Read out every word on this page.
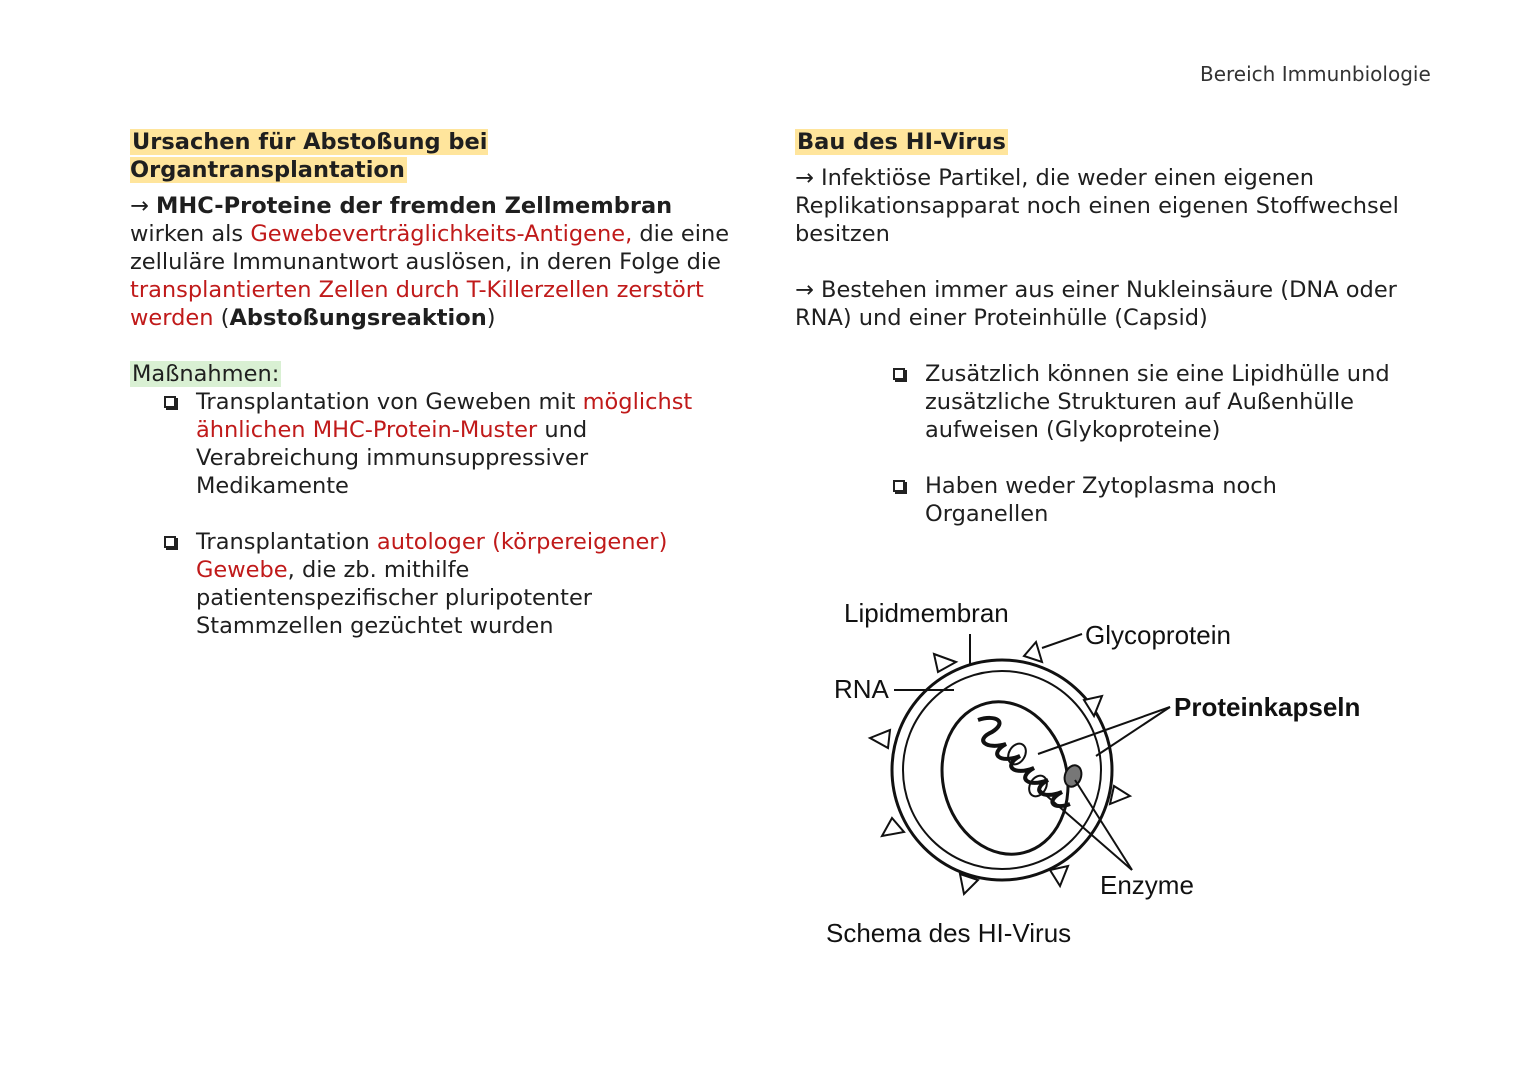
Bereich Immunbiologie

Ursachen für Abstoßung bei Organtransplantation

→ MHC-Proteine der fremden Zellmembran wirken als Gewebeverträglichkeits-Antigene, die eine zelluläre Immunantwort auslösen, in deren Folge die transplantierten Zellen durch T-Killerzellen zerstört werden (Abstoßungsreaktion)

Maßnahmen:

Transplantation von Geweben mit möglichst ähnlichen MHC-Protein-Muster und Verabreichung immunsuppressiver Medikamente
Transplantation autologer (körpereigener) Gewebe, die zb. mithilfe patientenspezifischer pluripotenter Stammzellen gezüchtet wurden

Bau des HI-Virus

→ Infektiöse Partikel, die weder einen eigenen Replikationsapparat noch einen eigenen Stoffwechsel besitzen

→ Bestehen immer aus einer Nukleinsäure (DNA oder RNA) und einer Proteinhülle (Capsid)

Zusätzlich können sie eine Lipidhülle und zusätzliche Strukturen auf Außenhülle aufweisen (Glykoproteine)
Haben weder Zytoplasma noch Organellen
Lipidmembran
Glycoprotein
RNA
Proteinkapseln
Enzyme
Schema des HI-Virus
